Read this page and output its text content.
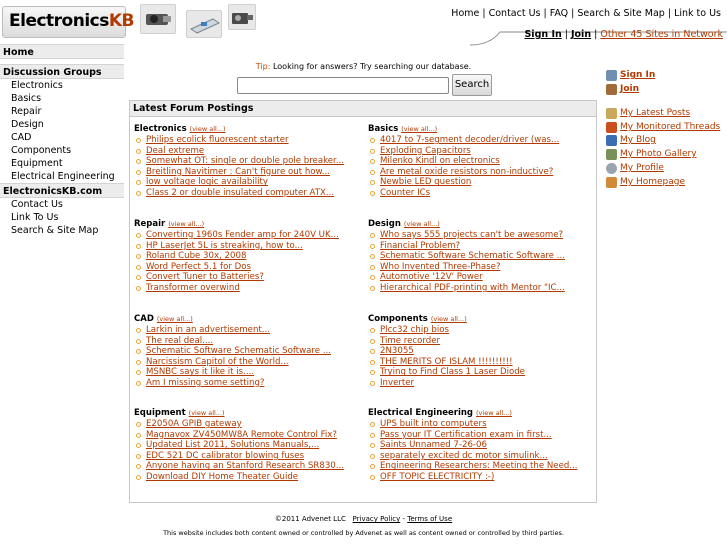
ElectronicsKB	Home | Contact Us | FAQ | Search & Site Map | Link to Us
Sign In | Join | Other 45 Sites in Network
Home
Discussion Groups
Electronics
Basics
Repair
Design
CAD
Components
Equipment
Electrical Engineering
ElectronicsKB.com
Contact Us
Link To Us
Search & Site Map
Tip: Looking for answers? Try searching our database.
Search
Latest Forum Postings
Electronics (view all...)
Philips ecolick fluorescent starter
Deal extreme
Somewhat OT: single or double pole breaker...
Breitling Navitimer : Can't figure out how...
low voltage logic availability
Class 2 or double insulated computer ATX...
Basics (view all...)
4017 to 7-segment decoder/driver (was...
Exploding Capacitors
Milenko Kindl on electronics
Are metal oxide resistors non-inductive?
Newbie LED question
Counter ICs
Repair (view all...)
Converting 1960s Fender amp for 240V UK...
HP LaserJet 5L is streaking, how to...
Roland Cube 30x, 2008
Word Perfect 5.1 for Dos
Convert Tuner to Batteries?
Transformer overwind
Design (view all...)
Who says 555 projects can't be awesome?
Financial Problem?
Schematic Software Schematic Software ...
Who Invented Three-Phase?
Automotive '12V' Power
Hierarchical PDF-printing with Mentor "IC...
CAD (view all...)
Larkin in an advertisement...
The real deal....
Schematic Software Schematic Software ...
Narcissism Capitol of the World...
MSNBC says it like it is....
Am I missing some setting?
Components (view all...)
Plcc32 chip bios
Time recorder
2N3055
THE MERITS OF ISLAM !!!!!!!!!!
Trying to Find Class 1 Laser Diode
Inverter
Equipment (view all...)
E2050A GPIB gateway
Magnavox ZV450MW8A Remote Control Fix?
Updated List 2011, Solutions Manuals,...
EDC 521 DC calibrator blowing fuses
Anyone having an Stanford Research SR830...
Download DIY Home Theater Guide
Electrical Engineering (view all...)
UPS built into computers
Pass your IT Certification exam in first...
Saints Unnamed 7-26-06
separately excited dc motor simulink...
Engineering Researchers: Meeting the Need...
OFF TOPIC ELECTRICITY :-)
Sign In
Join
My Latest Posts
My Monitored Threads
My Blog
My Photo Gallery
My Profile
My Homepage
©2011 Advenet LLC Privacy Policy - Terms of Use
This website includes both content owned or controlled by Advenet as well as content owned or controlled by third parties.
